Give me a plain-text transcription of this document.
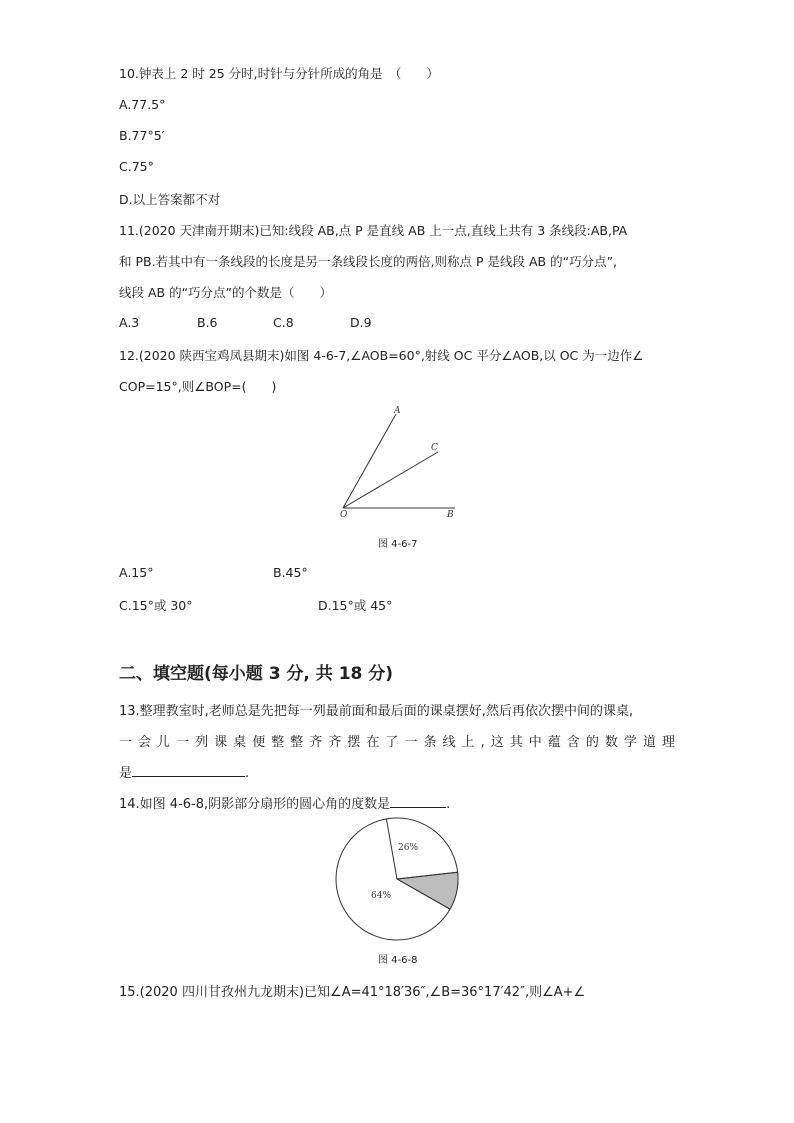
10.钟表上 2 时 25 分时,时针与分针所成的角是　（　　）
A.77.5°
B.77°5′
C.75°
D.以上答案都不对
11.(2020 天津南开期末)已知:线段 AB,点 P 是直线 AB 上一点,直线上共有 3 条线段:AB,PA
和 PB.若其中有一条线段的长度是另一条线段长度的两倍,则称点 P 是线段 AB 的“巧分点”,
线段 AB 的“巧分点”的个数是（　　）
A.3	B.6	C.8	D.9
12.(2020 陕西宝鸡凤县期末)如图 4-6-7,∠AOB=60°,射线 OC 平分∠AOB,以 OC 为一边作∠
COP=15°,则∠BOP=(　　)
A
C
O	B
图 4-6-7
A.15°	B.45°
C.15°或 30°	D.15°或 45°
二、填空题(每小题 3 分, 共 18 分)
13.整理教室时,老师总是先把每一列最前面和最后面的课桌摆好,然后再依次摆中间的课桌,
一会儿一列课桌便整整齐齐摆在了一条线上,这其中蕴含的数学道理
是	.
14.如图 4-6-8,阴影部分扇形的圆心角的度数是	.
26%
64%
图 4-6-8
15.(2020 四川甘孜州九龙期末)已知∠A=41°18′36″,∠B=36°17′42″,则∠A+∠
